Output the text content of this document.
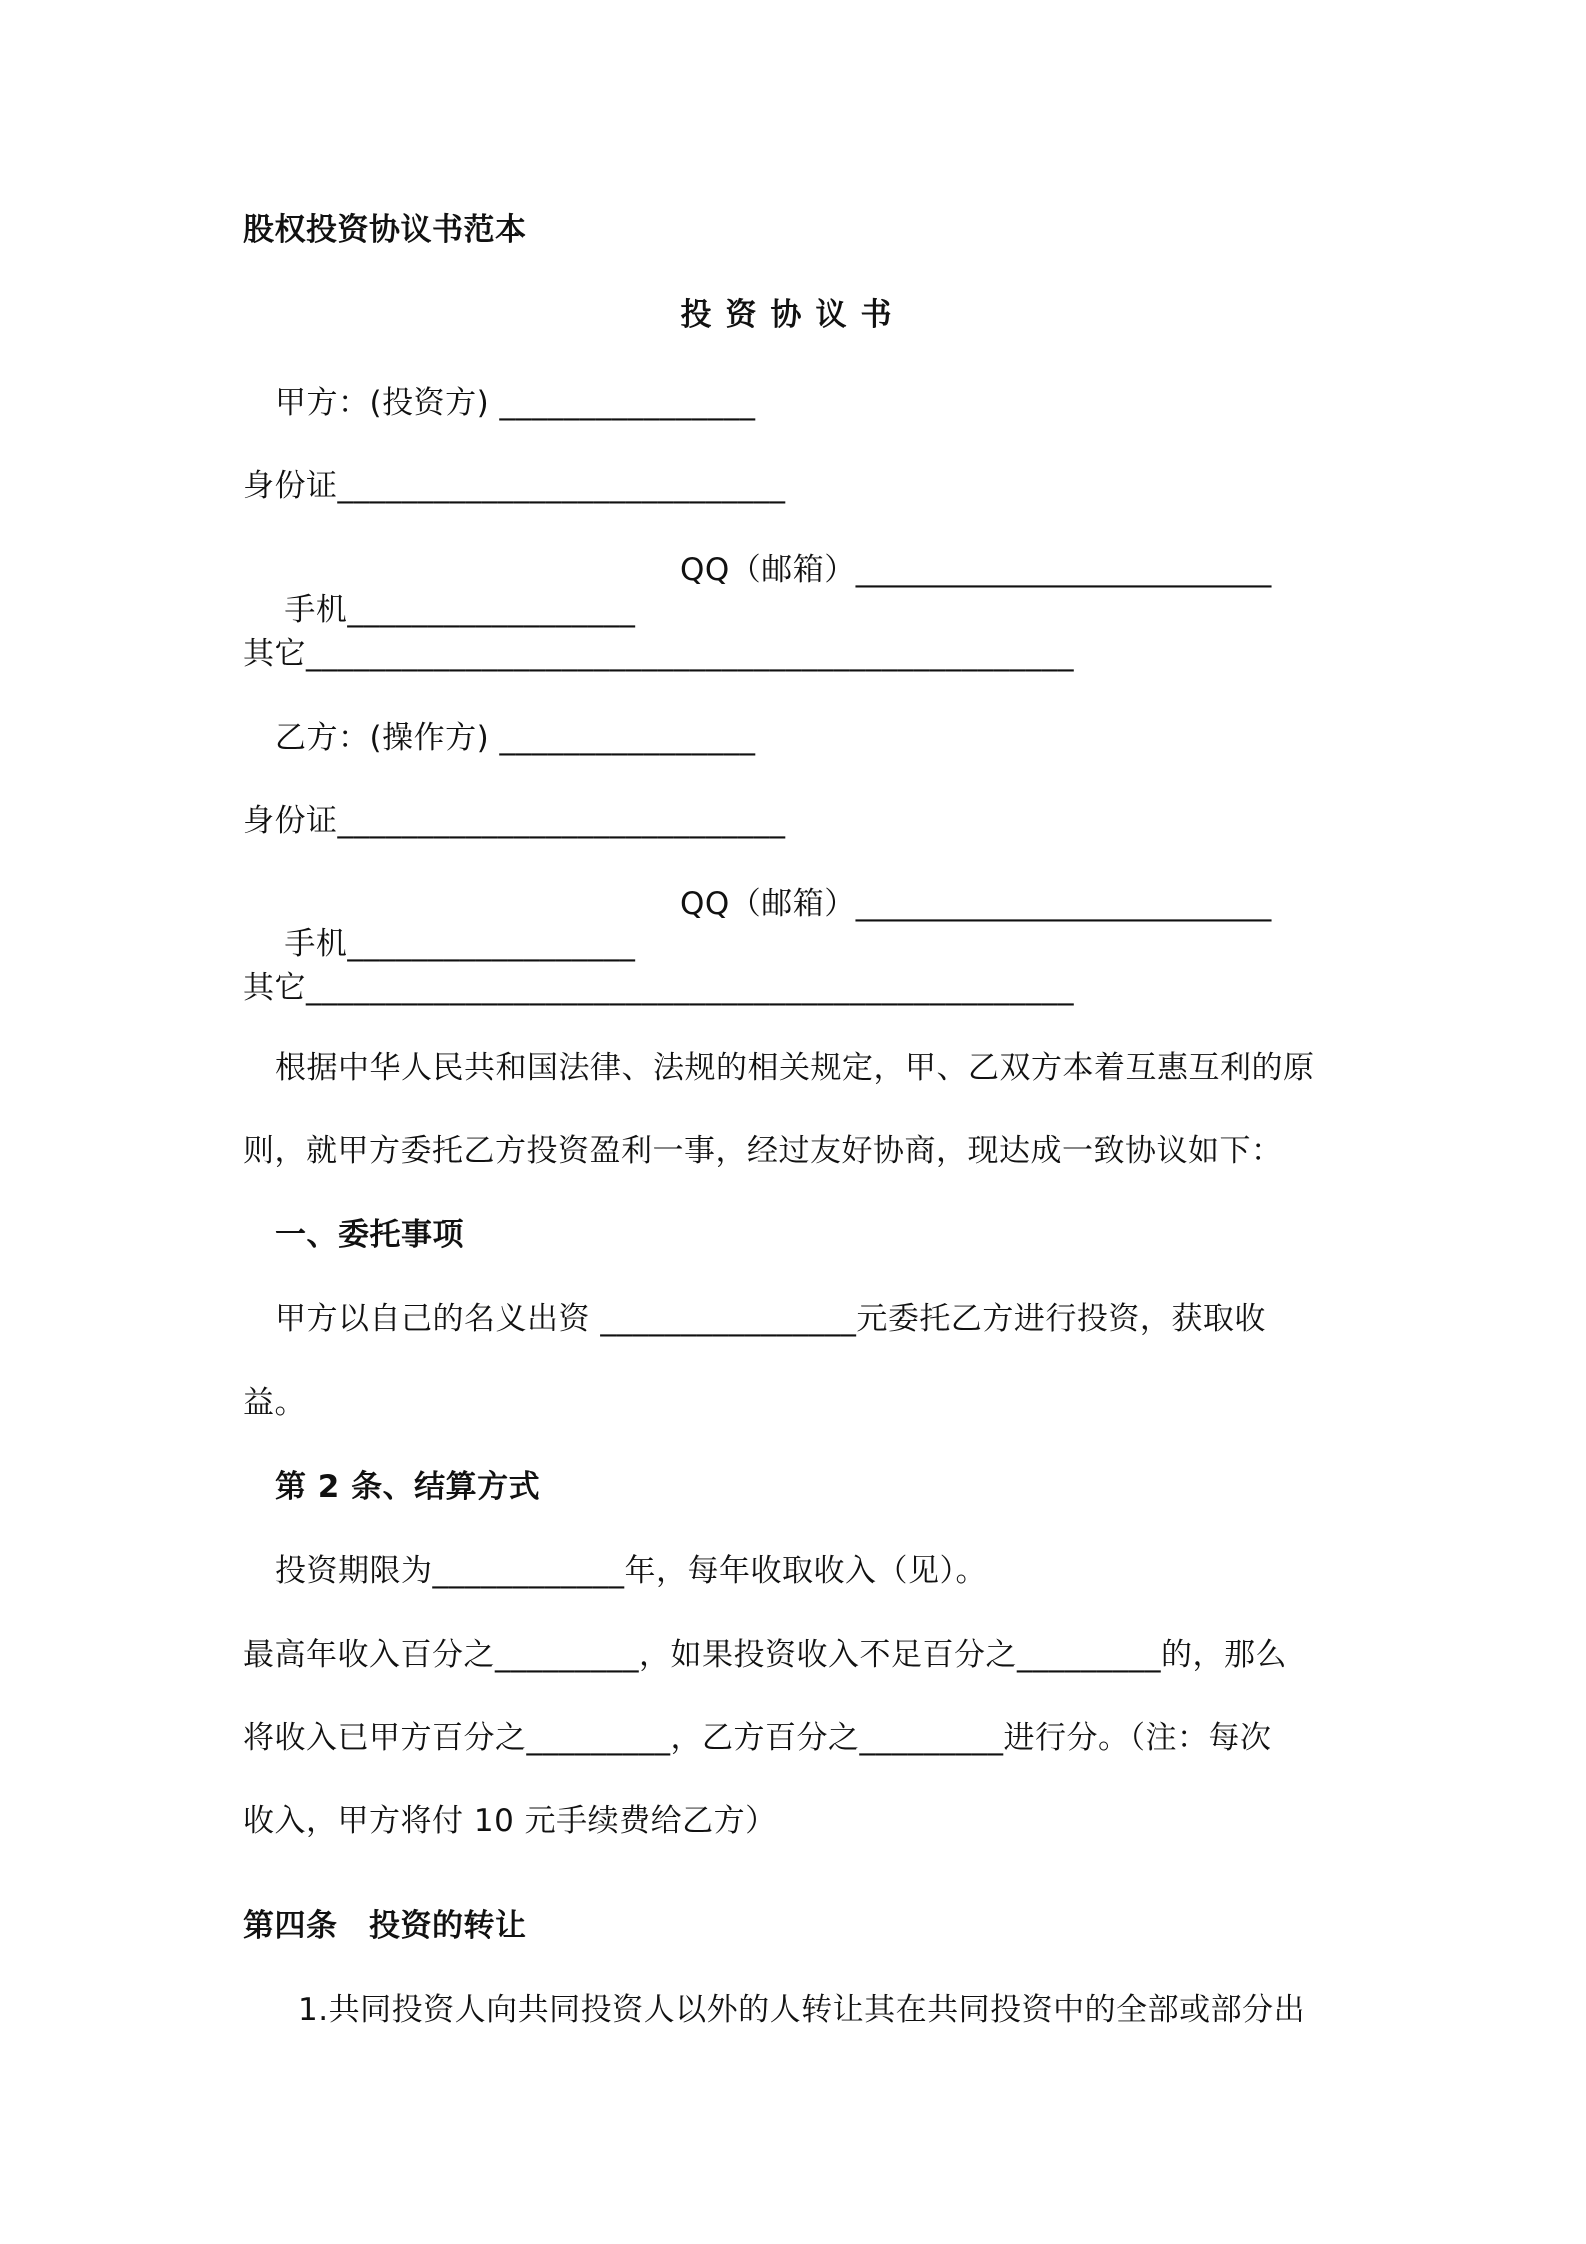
股权投资协议书范本
投资协议书
甲方：(投资方) ________________
身份证____________________________

手机__________________

QQ（邮箱）__________________________
其它________________________________________________
乙方：(操作方) ________________
身份证____________________________

手机__________________

QQ（邮箱）__________________________
其它________________________________________________
根据中华人民共和国法律、法规的相关规定，甲、乙双方本着互惠互利的原
则，就甲方委托乙方投资盈利一事，经过友好协商，现达成一致协议如下：
一、委托事项
甲方以自己的名义出资 ________________元委托乙方进行投资，获取收
益。
第 2 条、结算方式
投资期限为____________年，每年收取收入（见）。
最高年收入百分之_________，如果投资收入不足百分之_________的，那么
将收入已甲方百分之_________，乙方百分之_________进行分。（注：每次
收入，甲方将付 10 元手续费给乙方）
第四条　投资的转让
1.共同投资人向共同投资人以外的人转让其在共同投资中的全部或部分出
